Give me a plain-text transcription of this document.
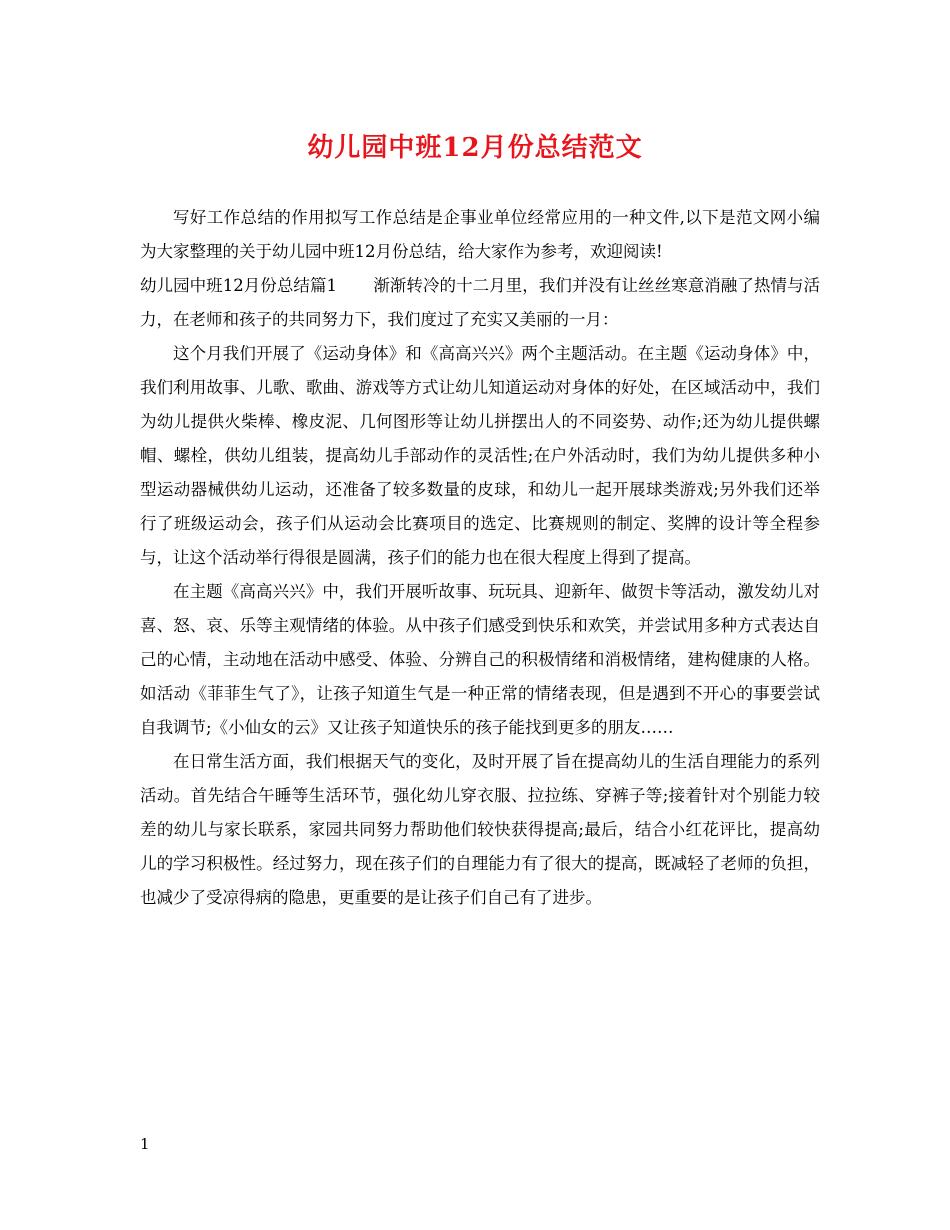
幼儿园中班12月份总结范文

写好工作总结的作用拟写工作总结是企事业单位经常应用的一种文件,以下是范文网小编为大家整理的关于幼儿园中班12月份总结，给大家作为参考，欢迎阅读!

幼儿园中班12月份总结篇1 渐渐转冷的十二月里，我们并没有让丝丝寒意消融了热情与活力，在老师和孩子的共同努力下，我们度过了充实又美丽的一月：

这个月我们开展了《运动身体》和《高高兴兴》两个主题活动。在主题《运动身体》中，我们利用故事、儿歌、歌曲、游戏等方式让幼儿知道运动对身体的好处，在区域活动中，我们为幼儿提供火柴棒、橡皮泥、几何图形等让幼儿拼摆出人的不同姿势、动作;还为幼儿提供螺帽、螺栓，供幼儿组装，提高幼儿手部动作的灵活性;在户外活动时，我们为幼儿提供多种小型运动器械供幼儿运动，还准备了较多数量的皮球，和幼儿一起开展球类游戏;另外我们还举行了班级运动会，孩子们从运动会比赛项目的选定、比赛规则的制定、奖牌的设计等全程参与，让这个活动举行得很是圆满，孩子们的能力也在很大程度上得到了提高。

在主题《高高兴兴》中，我们开展听故事、玩玩具、迎新年、做贺卡等活动，激发幼儿对喜、怒、哀、乐等主观情绪的体验。从中孩子们感受到快乐和欢笑，并尝试用多种方式表达自己的心情，主动地在活动中感受、体验、分辨自己的积极情绪和消极情绪，建构健康的人格。如活动《菲菲生气了》，让孩子知道生气是一种正常的情绪表现，但是遇到不开心的事要尝试自我调节;《小仙女的云》又让孩子知道快乐的孩子能找到更多的朋友……

在日常生活方面，我们根据天气的变化，及时开展了旨在提高幼儿的生活自理能力的系列活动。首先结合午睡等生活环节，强化幼儿穿衣服、拉拉练、穿裤子等;接着针对个别能力较差的幼儿与家长联系，家园共同努力帮助他们较快获得提高;最后，结合小红花评比，提高幼儿的学习积极性。经过努力，现在孩子们的自理能力有了很大的提高，既减轻了老师的负担，也减少了受凉得病的隐患，更重要的是让孩子们自己有了进步。

1
